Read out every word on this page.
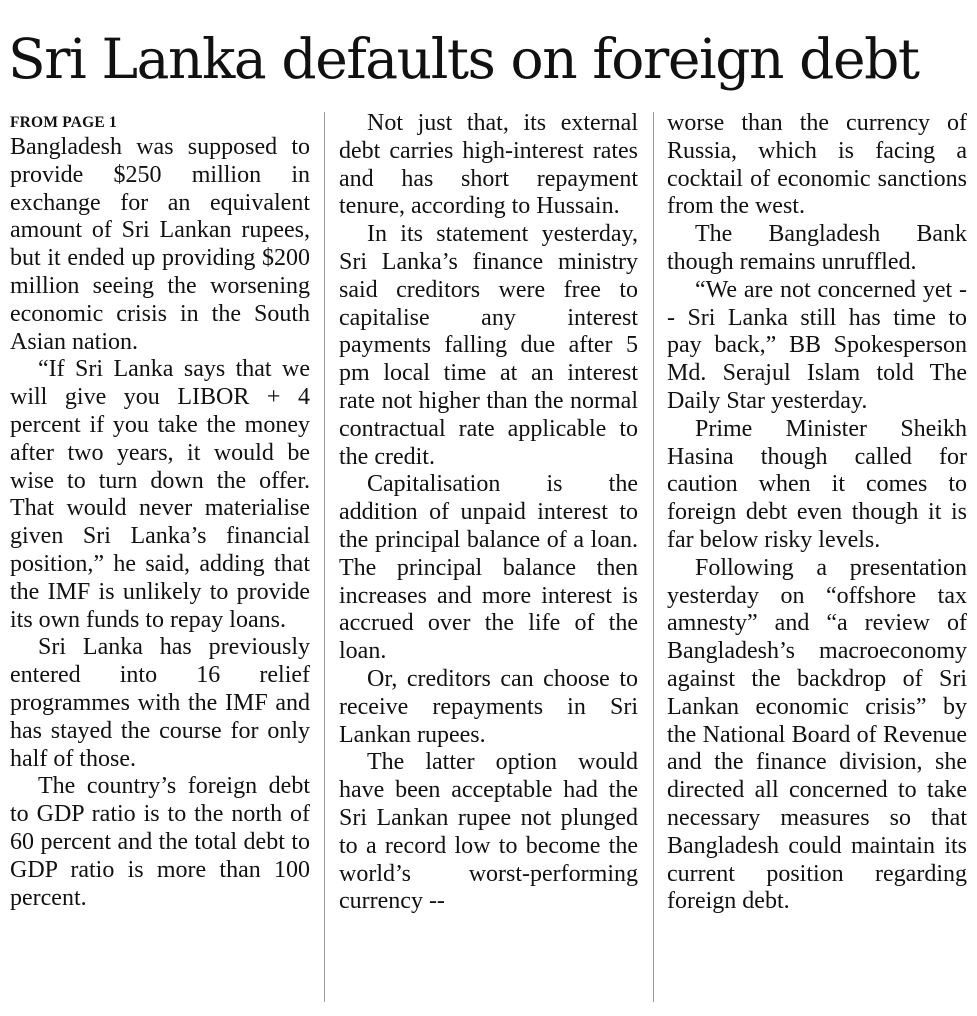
Sri Lanka defaults on foreign debt
FROM PAGE 1

Bangladesh was supposed to provide $250 million in exchange for an equivalent amount of Sri Lankan rupees, but it ended up providing $200 million seeing the worsening economic crisis in the South Asian nation.

“If Sri Lanka says that we will give you LIBOR + 4 percent if you take the money after two years, it would be wise to turn down the offer. That would never materialise given Sri Lanka’s financial position,” he said, adding that the IMF is unlikely to provide its own funds to repay loans.

Sri Lanka has previously entered into 16 relief programmes with the IMF and has stayed the course for only half of those.

The country’s foreign debt to GDP ratio is to the north of 60 percent and the total debt to GDP ratio is more than 100 percent.

Not just that, its external debt carries high-interest rates and has short repayment tenure, according to Hussain.

In its statement yesterday, Sri Lanka’s finance ministry said creditors were free to capitalise any interest payments falling due after 5 pm local time at an interest rate not higher than the normal contractual rate applicable to the credit.

Capitalisation is the addition of unpaid interest to the principal balance of a loan. The principal balance then increases and more interest is accrued over the life of the loan.

Or, creditors can choose to receive repayments in Sri Lankan rupees.

The latter option would have been acceptable had the Sri Lankan rupee not plunged to a record low to become the world’s worst-performing currency --

worse than the currency of Russia, which is facing a cocktail of economic sanctions from the west.

The Bangladesh Bank though remains unruffled.

“We are not concerned yet -- Sri Lanka still has time to pay back,” BB Spokesperson Md. Serajul Islam told The Daily Star yesterday.

Prime Minister Sheikh Hasina though called for caution when it comes to foreign debt even though it is far below risky levels.

Following a presentation yesterday on “offshore tax amnesty” and “a review of Bangladesh’s macroeconomy against the backdrop of Sri Lankan economic crisis” by the National Board of Revenue and the finance division, she directed all concerned to take necessary measures so that Bangladesh could maintain its current position regarding foreign debt.
